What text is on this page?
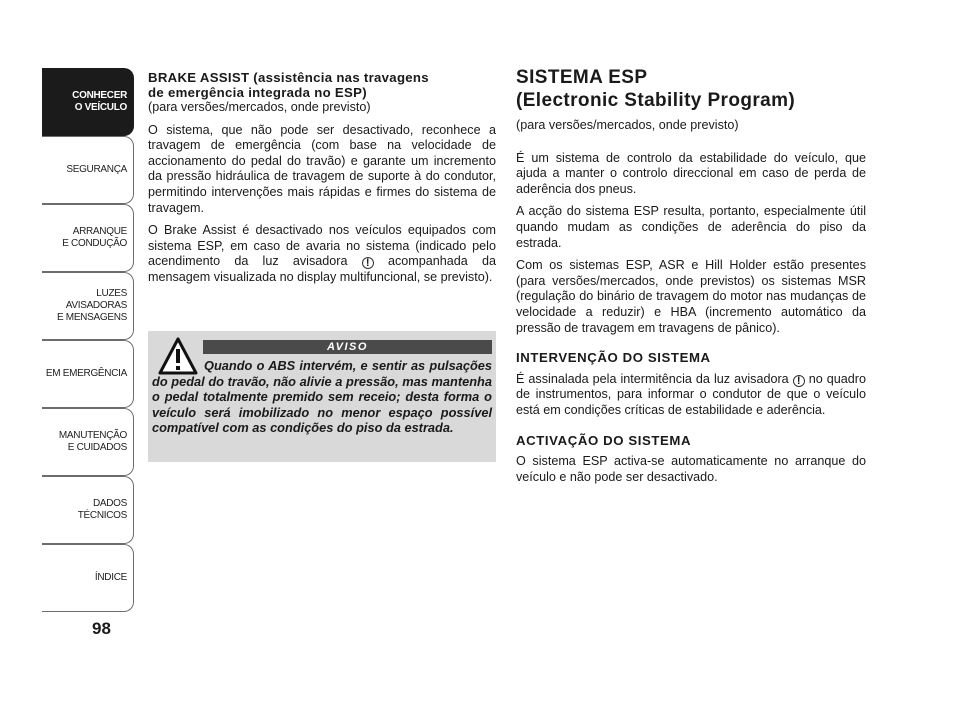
CONHECER
O VEÍCULO
SEGURANÇA
ARRANQUE
E CONDUÇÃO
LUZES AVISADORAS
E MENSAGENS
EM EMERGÊNCIA
MANUTENÇÃO
E CUIDADOS
DADOS TÉCNICOS
ÍNDICE
98
BRAKE ASSIST (assistência nas travagens
de emergência integrada no ESP)

(para versões/mercados, onde previsto)

O sistema, que não pode ser desactivado, reconhece a travagem de emergência (com base na velocidade de accionamento do pedal do travão) e garante um incremento da pressão hidráulica de travagem de suporte à do condutor, permitindo intervenções mais rápidas e firmes do sistema de travagem.

O Brake Assist é desactivado nos veículos equipados com sistema ESP, em caso de avaria no sistema (indicado pelo acendimento da luz avisadora ! acompanhada da mensagem visualizada no display multifuncional, se previsto).

AVISO
Quando o ABS intervém, e sentir as pulsações do pedal do travão, não alivie a pressão, mas mantenha o pedal totalmente premido sem receio; desta forma o veículo será imobilizado no menor espaço possível compatível com as condições do piso da estrada.
SISTEMA ESP
(Electronic Stability Program)

(para versões/mercados, onde previsto)

É um sistema de controlo da estabilidade do veículo, que ajuda a manter o controlo direccional em caso de perda de aderência dos pneus.

A acção do sistema ESP resulta, portanto, especialmente útil quando mudam as condições de aderência do piso da estrada.

Com os sistemas ESP, ASR e Hill Holder estão presentes (para versões/mercados, onde previstos) os sistemas MSR (regulação do binário de travagem do motor nas mudanças de velocidade a reduzir) e HBA (incremento automático da pressão de travagem em travagens de pânico).

INTERVENÇÃO DO SISTEMA

É assinalada pela intermitência da luz avisadora ! no quadro de instrumentos, para informar o condutor de que o veículo está em condições críticas de estabilidade e aderência.

ACTIVAÇÃO DO SISTEMA

O sistema ESP activa-se automaticamente no arranque do veículo e não pode ser desactivado.
